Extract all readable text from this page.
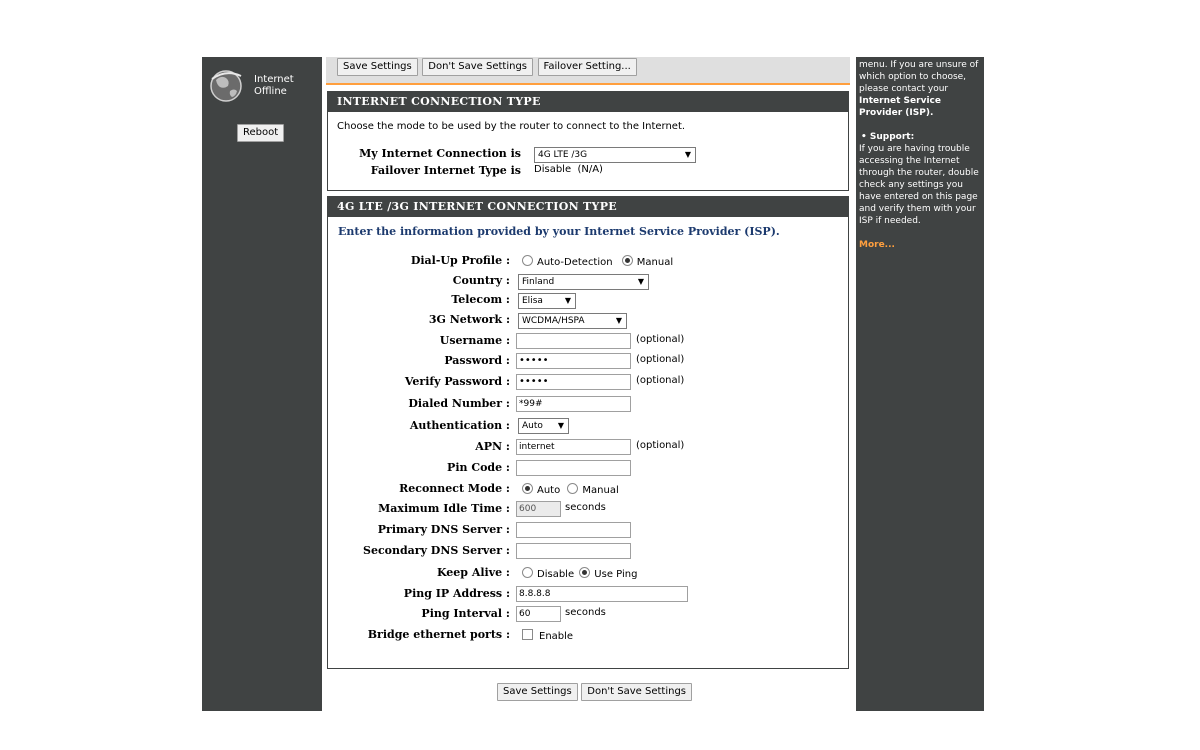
Internet
Offline
Reboot
Save Settings Don't Save Settings Failover Setting...
INTERNET CONNECTION TYPE
Choose the mode to be used by the router to connect to the Internet.
My Internet Connection is	4G LTE /3G	▼
Failover Internet Type is Disable  (N/A)
4G LTE /3G INTERNET CONNECTION TYPE
Enter the information provided by your Internet Service Provider (ISP).
Dial-Up Profile :	Auto-Detection Manual
Country :	Finland	▼
Telecom :	Elisa	▼
3G Network :	WCDMA/HSPA	▼
Username :	(optional)
Password : •••••	(optional)
Verify Password : •••••	(optional)
Dialed Number :	*99#
Authentication :	Auto ▼
APN :	internet	(optional)
Pin Code :
Reconnect Mode :	Auto Manual
Maximum Idle Time :	600	seconds
Primary DNS Server :
Secondary DNS Server :
Keep Alive :	Disable Use Ping
Ping IP Address :	8.8.8.8
Ping Interval :	60	seconds
Bridge ethernet ports :	Enable
Save Settings Don't Save Settings
menu. If you are unsure of
which option to choose,
please contact your
Internet Service
Provider (ISP).
• Support:
If you are having trouble accessing the Internet through the router, double check any settings you have entered on this page and verify them with your ISP if needed.
More...
